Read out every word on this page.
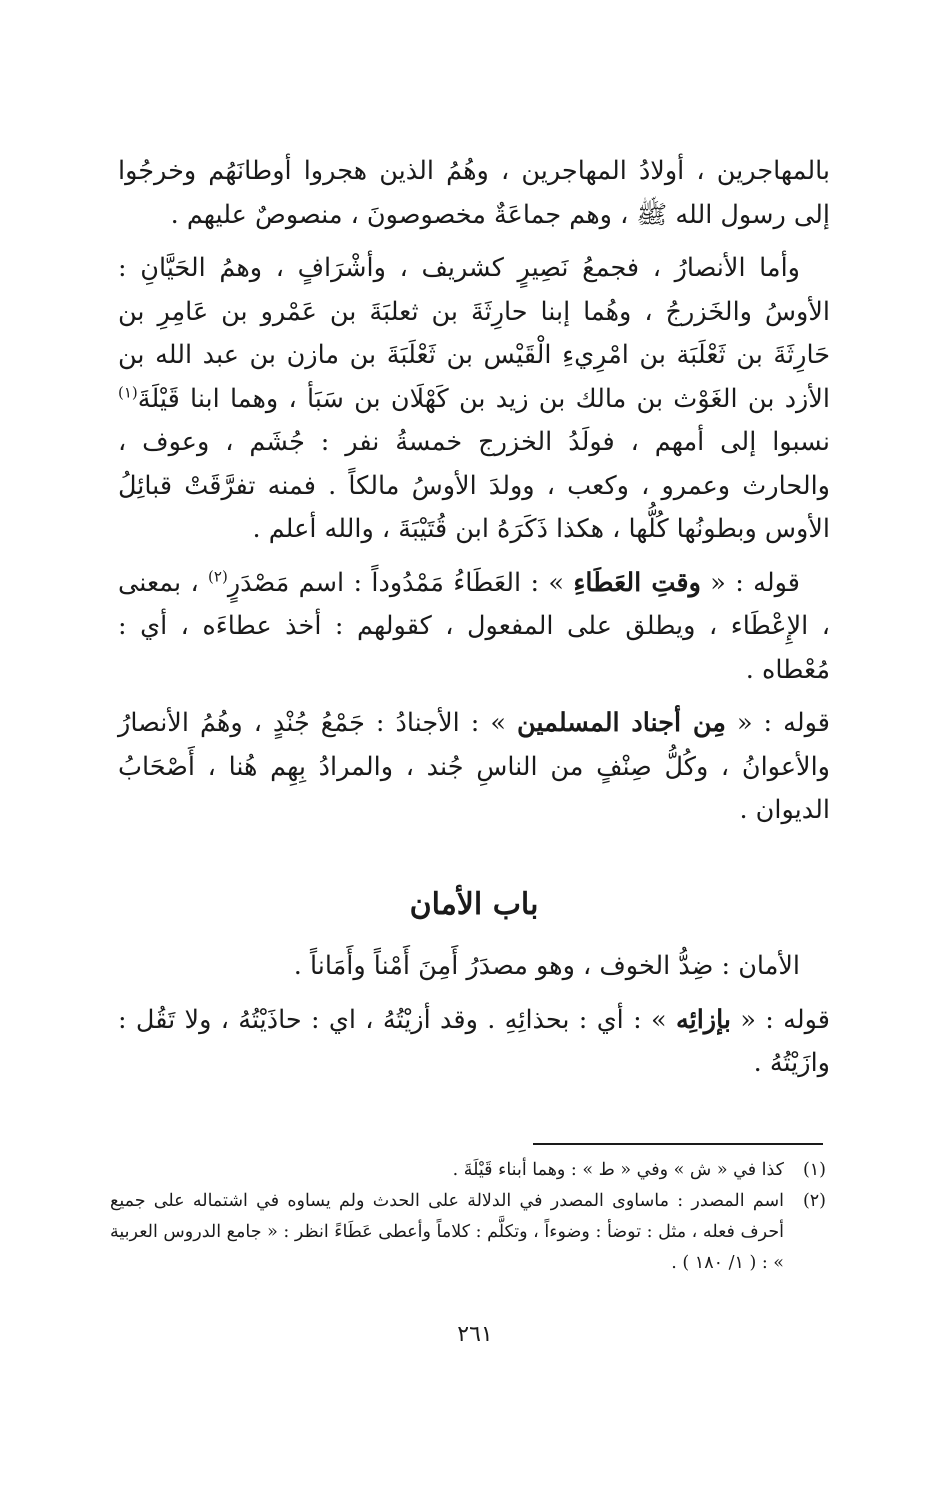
بالمهاجرين ، أولادُ المهاجرين ، وهُمُ الذين هجروا أوطانَهُم وخرجُوا إلى رسول الله ﷺ ، وهم جماعَةٌ مخصوصونَ ، منصوصٌ عليهم .

وأما الأنصارُ ، فجمعُ نَصِيرٍ كشريف ، وأشْرَافٍ ، وهمُ الحَيَّانِ : الأوسُ والخَزرجُ ، وهُما إبنا حارِثَةَ بن ثعلبَةَ بن عَمْرو بن عَامِرِ بن حَارِثَةَ بن ثَعْلَبَة بن امْرِيءِ الْقَيْس بن ثَعْلَبَةَ بن مازن بن عبد الله بن الأزد بن الغَوْث بن مالك بن زيد بن كَهْلَان بن سَبَأ ، وهما ابنا قَيْلَةَ$^{(١)}$ نسبوا إلى أمهم ، فولَدُ الخزرج خمسةُ نفر : جُشَم ، وعوف ، والحارث وعمرو ، وكعب ، وولدَ الأوسُ مالكاً . فمنه تفرَّقَتْ قبائِلُ الأوس وبطونُها كُلُّها ، هكذا ذَكَرَهُ ابن قُتَيْبَةَ ، والله أعلم .

قوله : « وقتِ العَطَاءِ » : العَطَاءُ مَمْدُوداً : اسم مَصْدَرٍ$^{(٢)}$ ، بمعنى ، الإِعْطَاء ، ويطلق على المفعول ، كقولهم : أخذ عطاءَه ، أي : مُعْطاه .

قوله : « مِن أجناد المسلمين » : الأجنادُ : جَمْعُ جُنْدٍ ، وهُمُ الأنصارُ والأعوانُ ، وكُلُّ صِنْفٍ من الناسِ جُند ، والمرادُ بِهِم هُنا ، أَصْحَابُ الديوان .

باب الأمان

الأمان : ضِدُّ الخوف ، وهو مصدَرُ أَمِنَ أَمْناً وأَمَاناً .

قوله : « بإزائِه » : أي : بحذائِهِ . وقد أزيْتُهُ ، اي : حاذَيْتُهُ ، ولا تَقُل : وازَيْتُهُ .

(١)
كذا في « ش » وفي « ط » : وهما أبناء قَيْلَةَ .
(٢)
اسم المصدر : ماساوى المصدر في الدلالة على الحدث ولم يساوه في اشتماله على جميع أحرف فعله ، مثل : توضأ : وضوءاً ، وتكلَّم : كلاماً وأعطى عَطَاءً انظر : « جامع الدروس العربية » : ( ١/ ١٨٠ ) .
٢٦١
